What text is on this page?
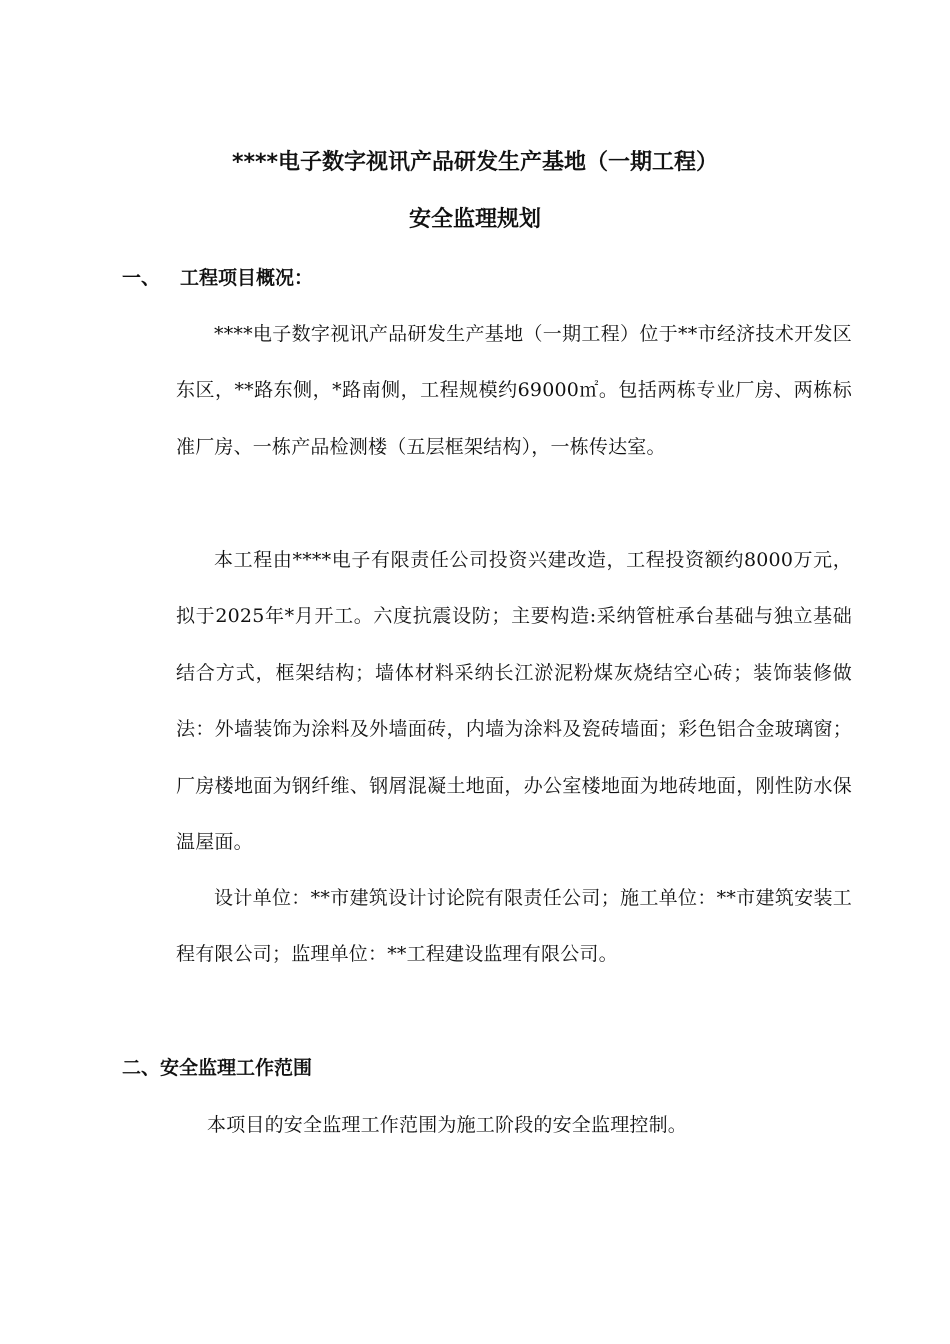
****电子数字视讯产品研发生产基地（一期工程）
安全监理规划
一、 工程项目概况：
****电子数字视讯产品研发生产基地（一期工程）位于**市经济技术开发区东区，**路东侧，*路南侧，工程规模约69000㎡。包括两栋专业厂房、两栋标准厂房、一栋产品检测楼（五层框架结构），一栋传达室。
本工程由****电子有限责任公司投资兴建改造，工程投资额约8000万元，拟于2025年*月开工。六度抗震设防；主要构造:采纳管桩承台基础与独立基础结合方式，框架结构；墙体材料采纳长江淤泥粉煤灰烧结空心砖；装饰装修做法：外墙装饰为涂料及外墙面砖，内墙为涂料及瓷砖墙面；彩色铝合金玻璃窗；厂房楼地面为钢纤维、钢屑混凝土地面，办公室楼地面为地砖地面，刚性防水保温屋面。
设计单位：**市建筑设计讨论院有限责任公司；施工单位：**市建筑安装工程有限公司；监理单位：**工程建设监理有限公司。
二、安全监理工作范围
本项目的安全监理工作范围为施工阶段的安全监理控制。
